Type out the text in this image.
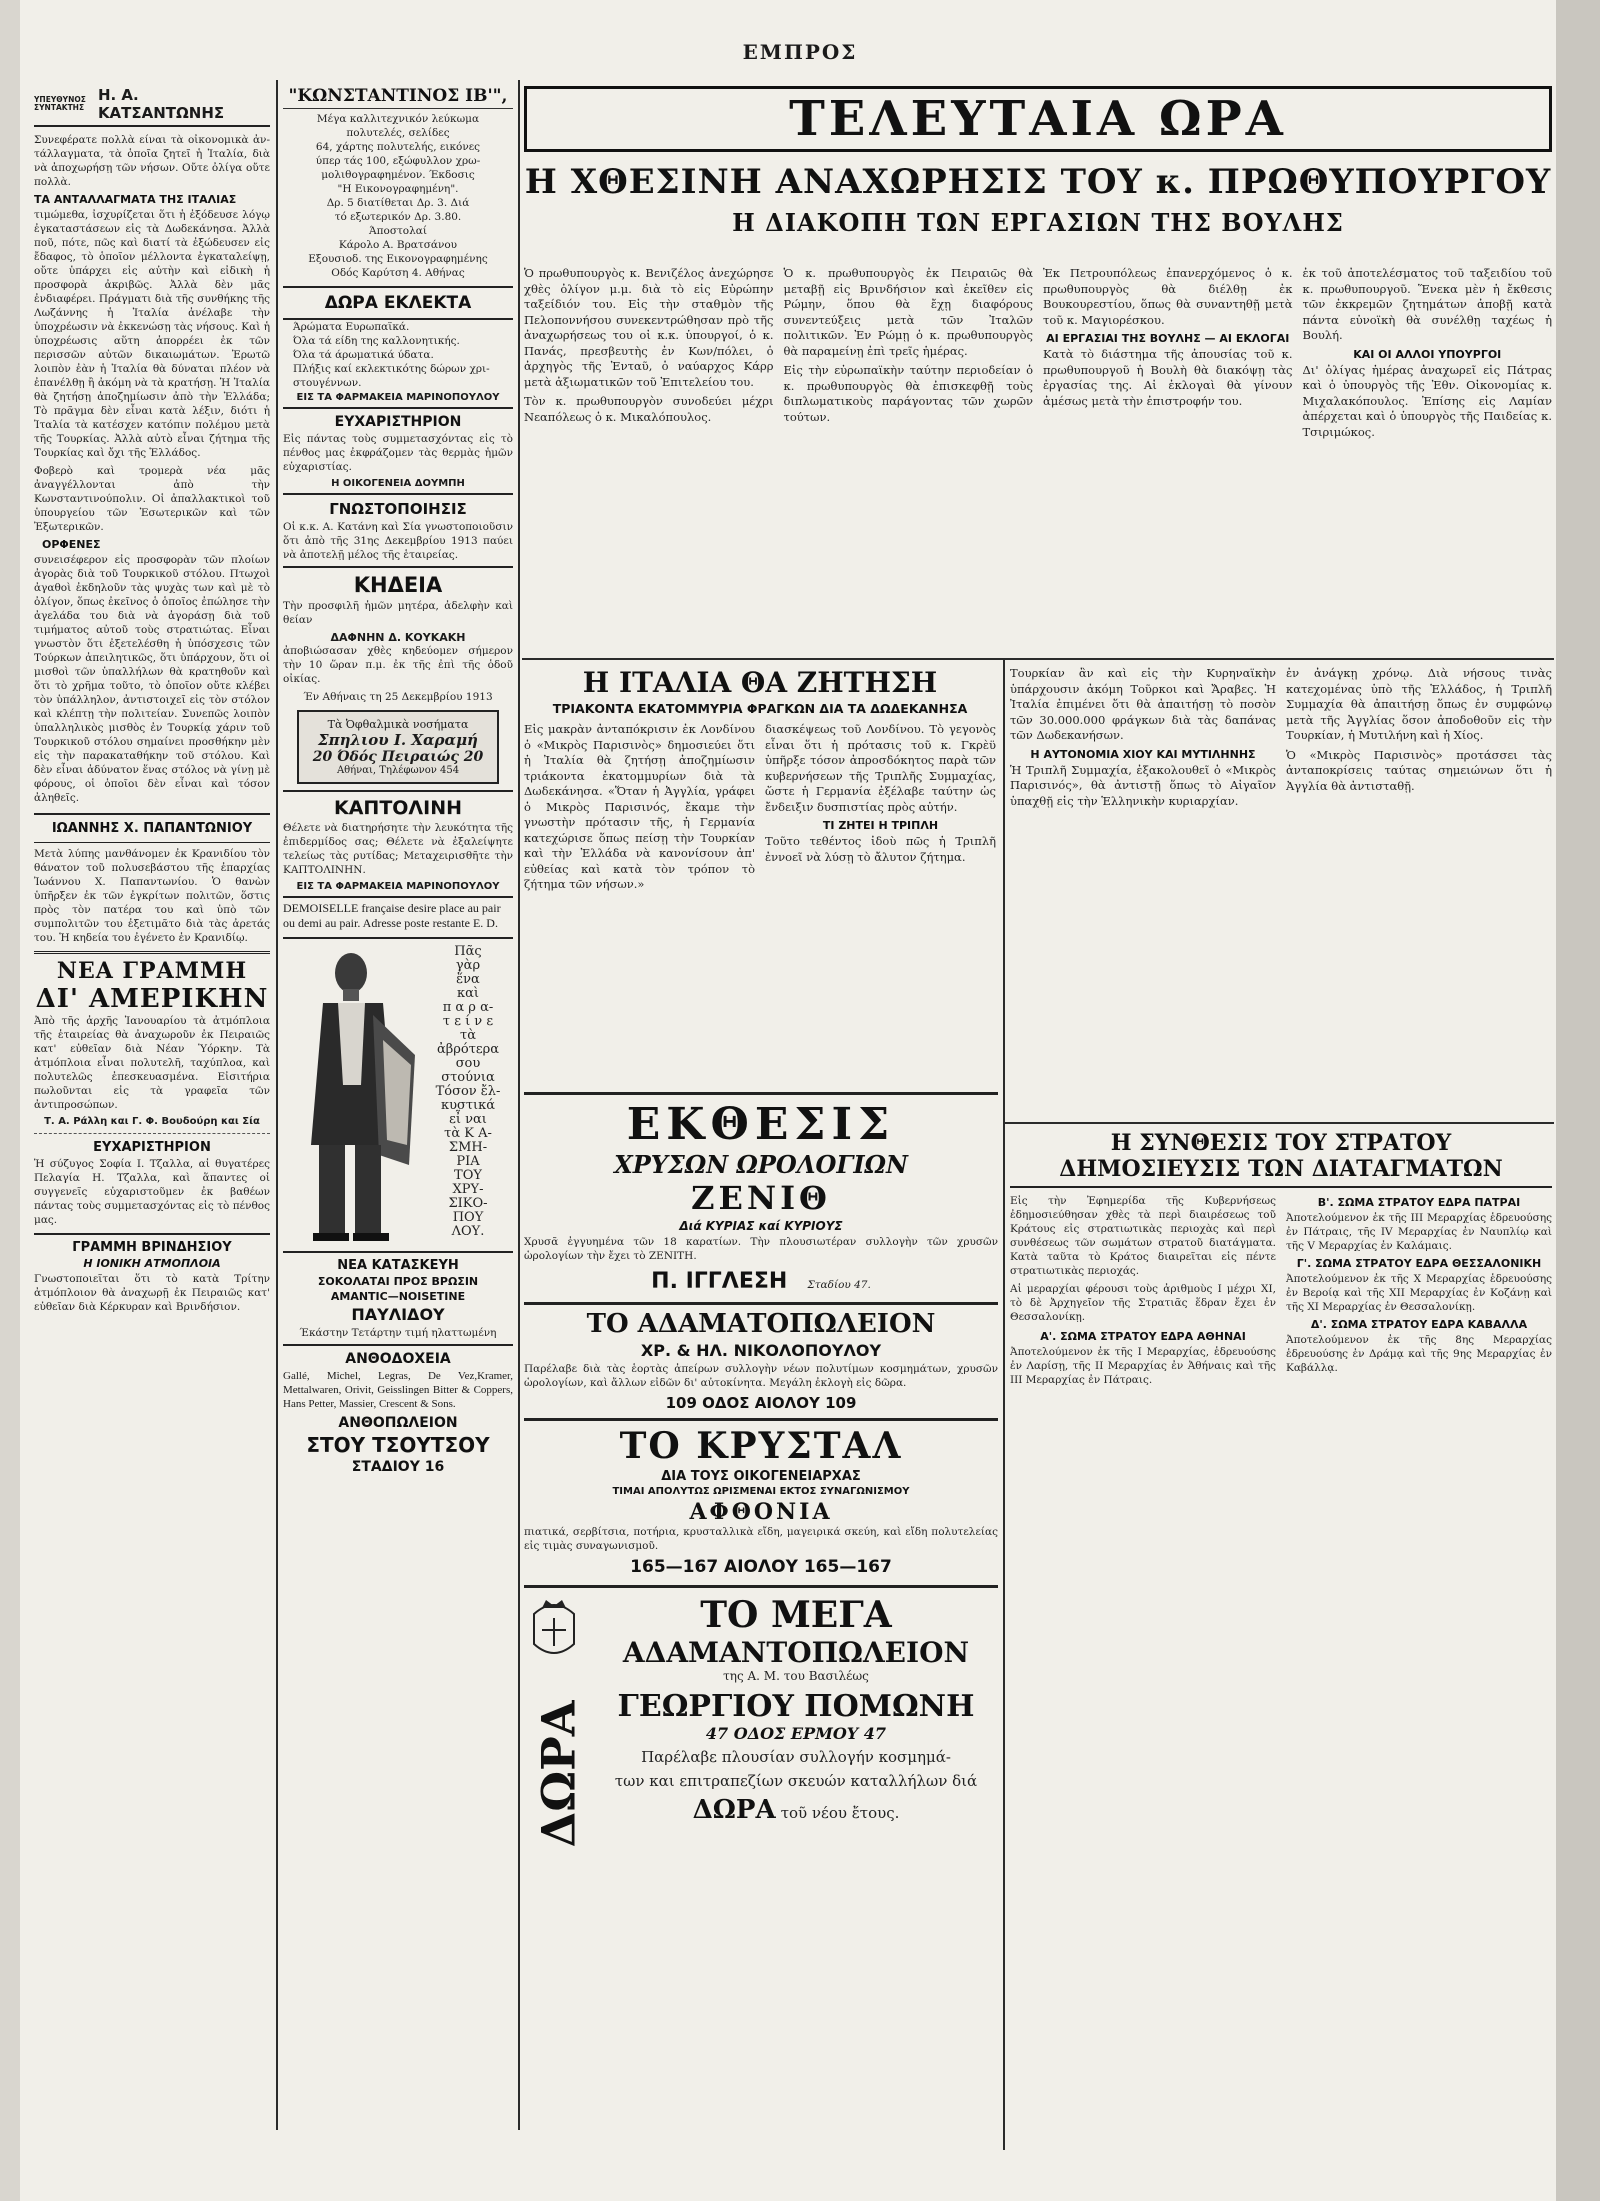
ΕΜΠΡΟΣ
ΥΠΕΥΘΥΝΟΣ ΣΥΝΤΑΚΤΗΣ
Η. Α. ΚΑΤΣΑΝΤΩΝΗΣ

Συνεφέρατε πολλὰ είναι τὰ οἰκονομικὰ ἀντάλλαγματα, τὰ ὁποῖα ζητεῖ ἡ Ἰταλία, διὰ νὰ ἀποχωρήσῃ τῶν νήσων. Οὔτε ὀλίγα οὔτε πολλὰ.

ΤΑ ΑΝΤΑΛΛΑΓΜΑΤΑ ΤΗΣ ΙΤΑΛΙΑΣ

τιμώμεθα, ἰσχυρίζεται ὅτι ἡ ἐξόδευσε λόγῳ ἐγκαταστάσεων εἰς τὰ Δωδεκάνησα. Ἀλλὰ ποῦ, πότε, πῶς καὶ διατί τὰ ἐξώδευσεν εἰς ἔδαφος, τὸ ὁποῖον μέλλοντα ἐγκαταλείψῃ, οὔτε ὑπάρχει εἰς αὐτὴν καὶ εἰδικὴ ἡ προσφορὰ ἀκριβῶς. Ἀλλὰ δὲν μᾶς ἐνδιαφέρει. Πράγματι διὰ τῆς συνθήκης τῆς Λωζάννης ἡ Ἰταλία ἀνέλαβε τὴν ὑποχρέωσιν νὰ ἐκκενώσῃ τὰς νήσους. Καὶ ἡ ὑποχρέωσις αὕτη ἀπορρέει ἐκ τῶν περισσῶν αὐτῶν δικαιωμάτων. Ἐρωτῶ λοιπὸν ἐὰν ἡ Ἰταλία θὰ δύναται πλέον νὰ ἐπανέλθῃ ἢ ἀκόμη νὰ τὰ κρατήσῃ. Ἡ Ἰταλία θὰ ζητήσῃ ἀποζημίωσιν ἀπὸ τὴν Ἑλλάδα; Τὸ πρᾶγμα δὲν εἶναι κατὰ λέξιν, διότι ἡ Ἰταλία τὰ κατέσχεν κατόπιν πολέμου μετὰ τῆς Τουρκίας. Ἀλλὰ αὐτὸ εἶναι ζήτημα τῆς Τουρκίας καὶ ὄχι τῆς Ἑλλάδος.

Φοβερὸ καὶ τρομερὰ νέα μᾶς ἀναγγέλλονται ἀπὸ τὴν Κωνσταντινούπολιν. Οἱ ἀπαλλακτικοὶ τοῦ ὑπουργείου τῶν Ἐσωτερικῶν καὶ τῶν Ἐξωτερικῶν.

ΟΡΦΕΝΕΣ

συνεισέφερον εἰς προσφορὰν τῶν πλοίων ἀγορὰς διὰ τοῦ Τουρκικοῦ στόλου. Πτωχοὶ ἀγαθοὶ ἐκδηλοῦν τὰς ψυχὰς των καὶ μὲ τὸ ὀλίγον, ὅπως ἐκεῖνος ὁ ὁποῖος ἐπώλησε τὴν ἀγελάδα του διὰ νὰ ἀγοράσῃ διὰ τοῦ τιμήματος αὐτοῦ τοὺς στρατιώτας. Εἶναι γνωστὸν ὅτι ἐξετελέσθη ἡ ὑπόσχεσις τῶν Τούρκων ἀπειλητικῶς, ὅτι ὑπάρχουν, ὅτι οἱ μισθοὶ τῶν ὑπαλλήλων θὰ κρατηθοῦν καὶ ὅτι τὸ χρῆμα τοῦτο, τὸ ὁποῖον οὔτε κλέβει τὸν ὑπάλληλον, ἀντιστοιχεῖ εἰς τὸν στόλον καὶ κλέπτῃ τὴν πολιτείαν. Συνεπῶς λοιπὸν ὑπαλληλικὸς μισθὸς ἐν Τουρκίᾳ χάριν τοῦ Τουρκικοῦ στόλου σημαίνει προσθήκην μὲν εἰς τὴν παρακαταθήκην τοῦ στόλου. Καὶ δὲν εἶναι ἀδύνατον ἕνας στόλος νὰ γίνῃ μὲ φόρους, οἱ ὁποῖοι δὲν εἶναι καὶ τόσον ἀληθεῖς.

ΙΩΑΝΝΗΣ Χ. ΠΑΠΑΝΤΩΝΙΟΥ

Μετὰ λύπης μανθάνομεν ἐκ Κρανιδίου τὸν θάνατον τοῦ πολυσεβάστου τῆς ἐπαρχίας Ἰωάννου Χ. Παπαντωνίου. Ὁ θανὼν ὑπῆρξεν ἐκ τῶν ἐγκρίτων πολιτῶν, ὅστις πρὸς τὸν πατέρα του καὶ ὑπὸ τῶν συμπολιτῶν του ἐξετιμᾶτο διὰ τὰς ἀρετάς του. Ἡ κηδεία του ἐγένετο ἐν Κρανιδίῳ.

ΝΕΑ ΓΡΑΜΜΗ
ΔΙ' ΑΜΕΡΙΚΗΝ

Ἀπὸ τῆς ἀρχῆς Ἰανουαρίου τὰ ἀτμόπλοια τῆς ἑταιρείας θὰ ἀναχωροῦν ἐκ Πειραιῶς κατ' εὐθεῖαν διὰ Νέαν Ὑόρκην. Τὰ ἀτμόπλοια εἶναι πολυτελῆ, ταχύπλοα, καὶ πολυτελῶς ἐπεσκευασμένα. Εἰσιτήρια πωλοῦνται εἰς τὰ γραφεῖα τῶν ἀντιπροσώπων.

Τ. Α. Ράλλη και Γ. Φ. Βουδούρη και Σία
ΕΥΧΑΡΙΣΤΗΡΙΟΝ

Ἡ σύζυγος Σοφία Ι. Τζαλλα, αἱ θυγατέρες Πελαγία Η. Τζαλλα, καὶ ἅπαντες οἱ συγγενεῖς εὐχαριστοῦμεν ἐκ βαθέων πάντας τοὺς συμμετασχόντας εἰς τὸ πένθος μας.

ΓΡΑΜΜΗ ΒΡΙΝΔΗΣΙΟΥ
Η ΙΟΝΙΚΗ ΑΤΜΟΠΛΟΙΑ

Γνωστοποιεῖται ὅτι τὸ κατὰ Τρίτην ἀτμόπλοιον θὰ ἀναχωρῇ ἐκ Πειραιῶς κατ' εὐθεῖαν διὰ Κέρκυραν καὶ Βρινδήσιον.

"ΚΩΝΣΤΑΝΤΙΝΟΣ ΙΒ'",
Μέγα καλλιτεχνικόν λεύκωμα
πολυτελές, σελίδες
64, χάρτης πολυτελής, εικόνες
ύπερ τάς 100, εξώφυλλον χρω-
μολιθογραφημένον. Έκδοσις
"Η Εικονογραφημένη".
Δρ. 5 διατίθεται Δρ. 3. Διά
τό εξωτερικόν Δρ. 3.80.
Άποστολαί
Κάρολο Α. Βρατσάνου
Εξουσιοδ. της Εικονογραφημένης
Οδός Καρύτση 4. Αθήνας
ΔΩΡΑ ΕΚΛΕΚΤΑ
Άρώματα Ευρωπαϊκά.
Όλα τά είδη της καλλονητικής.
Όλα τά άρωματικά ύδατα.
Πλήξις καί εκλεκτικότης δώρων χρι-
στουγέννων.
ΕΙΣ ΤΑ ΦΑΡΜΑΚΕΙΑ ΜΑΡΙΝΟΠΟΥΛΟΥ
ΕΥΧΑΡΙΣΤΗΡΙΟΝ

Εἰς πάντας τοὺς συμμετασχόντας εἰς τὸ πένθος μας ἐκφράζομεν τὰς θερμὰς ἡμῶν εὐχαριστίας.

Η ΟΙΚΟΓΕΝΕΙΑ ΔΟΥΜΠΗ
ΓΝΩΣΤΟΠΟΙΗΣΙΣ

Οἱ κ.κ. Α. Κατάνη καὶ Σία γνωστοποιοῦσιν ὅτι ἀπὸ τῆς 31ης Δεκεμβρίου 1913 παύει νὰ ἀποτελῇ μέλος τῆς ἑταιρείας.

ΚΗΔΕΙΑ

Τὴν προσφιλῆ ἡμῶν μητέρα, ἀδελφὴν καὶ θείαν

ΔΑΦΝΗΝ Δ. ΚΟΥΚΑΚΗ

ἀποβιώσασαν χθὲς κηδεύομεν σήμερον τὴν 10 ὥραν π.μ. ἐκ τῆς ἐπὶ τῆς ὁδοῦ οἰκίας.

Έν Αθήναις τη 25 Δεκεμβρίου 1913
Τὰ Ὀφθαλμικὰ νοσήματα
Σπηλιου Ι. Χαραμή
20 Όδός Πειραιώς 20
Αθήναι, Τηλέφωνον 454
ΚΑΠΤΟΛΙΝΗ

Θέλετε νὰ διατηρήσητε τὴν λευκότητα τῆς ἐπιδερμίδος σας; Θέλετε νὰ ἐξαλείψητε τελείως τὰς ρυτίδας; Μεταχειρισθῆτε τὴν ΚΑΠΤΟΛΙΝΗΝ.

ΕΙΣ ΤΑ ΦΑΡΜΑΚΕΙΑ ΜΑΡΙΝΟΠΟΥΛΟΥ
DEMOISELLE française desire place au pair ou demi au pair. Adresse poste restante E. D.
Πᾶς
γὰρ
ἕνα
καὶ
π α ρ α-
τ ε ί ν ε
τὰ
ἀβρότερα
σου
στούνια
Τόσον ἔλ-
κυστικά
εἶ ναι
τὰ Κ Α-
ΣΜΗ-
ΡΙΑ
ΤΟΥ
ΧΡΥ-
ΣΙΚΟ-
ΠΟΥ
ΛΟΥ.
ΝΕΑ ΚΑΤΑΣΚΕΥΗ
ΣΟΚΟΛΑΤΑΙ ΠΡΟΣ ΒΡΩΣΙΝ
AMANTIC—NOISETINE
ΠΑΥΛΙΔΟΥ
Έκάστην Τετάρτην τιμή ηλαττωμένη
ΑΝΘΟΔΟΧΕΙΑ
Gallé, Michel, Legras, De Vez,Kramer, Mettalwaren, Orivit, Geisslingen Bitter & Coppers, Hans Petter, Massier, Crescent & Sons.
ΑΝΘΟΠΩΛΕΙΟΝ
ΣΤΟΥ ΤΣΟΥΤΣΟΥ
ΣΤΑΔΙΟΥ 16
ΤΕΛΕΥΤΑΙΑ ΩΡΑ
Η ΧΘΕΣΙΝΗ ΑΝΑΧΩΡΗΣΙΣ ΤΟΥ κ. ΠΡΩΘΥΠΟΥΡΓΟΥ
Η ΔΙΑΚΟΠΗ ΤΩΝ ΕΡΓΑΣΙΩΝ ΤΗΣ ΒΟΥΛΗΣ

Ὁ πρωθυπουργὸς κ. Βενιζέλος ἀνεχώρησε χθὲς ὀλίγον μ.μ. διὰ τὸ εἰς Εὐρώπην ταξείδιόν του. Εἰς τὴν σταθμὸν τῆς Πελοποννήσου συνεκεντρώθησαν πρὸ τῆς ἀναχωρήσεως του οἱ κ.κ. ὑπουργοί, ὁ κ. Πανάς, πρεσβευτὴς ἐν Κων/πόλει, ὁ ἀρχηγὸς τῆς Ἐνταῦ, ὁ ναύαρχος Κάρρ μετὰ ἀξιωματικῶν τοῦ Ἐπιτελείου του.

Τὸν κ. πρωθυπουργὸν συνοδεύει μέχρι Νεαπόλεως ὁ κ. Μικαλόπουλος.

Ὁ κ. πρωθυπουργὸς ἐκ Πειραιῶς θὰ μεταβῇ εἰς Βρινδήσιον καὶ ἐκεῖθεν εἰς Ρώμην, ὅπου θὰ ἔχῃ διαφόρους συνεντεύξεις μετὰ τῶν Ἰταλῶν πολιτικῶν. Ἐν Ρώμῃ ὁ κ. πρωθυπουργὸς θὰ παραμείνῃ ἐπὶ τρεῖς ἡμέρας.

Εἰς τὴν εὐρωπαϊκὴν ταύτην περιοδείαν ὁ κ. πρωθυπουργὸς θὰ ἐπισκεφθῇ τοὺς διπλωματικοὺς παράγοντας τῶν χωρῶν τούτων.

Ἐκ Πετρουπόλεως ἐπανερχόμενος ὁ κ. πρωθυπουργὸς θὰ διέλθῃ ἐκ Βουκουρεστίου, ὅπως θὰ συναντηθῇ μετὰ τοῦ κ. Μαγιορέσκου.

ΑΙ ΕΡΓΑΣΙΑΙ ΤΗΣ ΒΟΥΛΗΣ — ΑΙ ΕΚΛΟΓΑΙ

Κατὰ τὸ διάστημα τῆς ἀπουσίας τοῦ κ. πρωθυπουργοῦ ἡ Βουλὴ θὰ διακόψῃ τὰς ἐργασίας της. Αἱ ἐκλογαὶ θὰ γίνουν ἀμέσως μετὰ τὴν ἐπιστροφήν του.

ἐκ τοῦ ἀποτελέσματος τοῦ ταξειδίου τοῦ κ. πρωθυπουργοῦ. Ἕνεκα μὲν ἡ ἔκθεσις τῶν ἐκκρεμῶν ζητημάτων ἀποβῇ κατὰ πάντα εὐνοϊκὴ θὰ συνέλθῃ ταχέως ἡ Βουλή.

ΚΑΙ ΟΙ ΑΛΛΟΙ ΥΠΟΥΡΓΟΙ

Δι' ὀλίγας ἡμέρας ἀναχωρεῖ εἰς Πάτρας καὶ ὁ ὑπουργὸς τῆς Ἐθν. Οἰκονομίας κ. Μιχαλακόπουλος. Ἐπίσης εἰς Λαμίαν ἀπέρχεται καὶ ὁ ὑπουργὸς τῆς Παιδείας κ. Τσιριμώκος.

Η ΙΤΑΛΙΑ ΘΑ ΖΗΤΗΣΗ
ΤΡΙΑΚΟΝΤΑ ΕΚΑΤΟΜΜΥΡΙΑ ΦΡΑΓΚΩΝ ΔΙΑ ΤΑ ΔΩΔΕΚΑΝΗΣΑ

Εἰς μακρὰν ἀνταπόκρισιν ἐκ Λονδίνου ὁ «Μικρὸς Παρισινὸς» δημοσιεύει ὅτι ἡ Ἰταλία θὰ ζητήσῃ ἀποζημίωσιν τριάκοντα ἑκατομμυρίων διὰ τὰ Δωδεκάνησα. «Ὅταν ἡ Ἀγγλία, γράφει ὁ Μικρὸς Παρισινός, ἔκαμε τὴν γνωστὴν πρότασιν τῆς, ἡ Γερμανία κατεχώρισε ὅπως πείσῃ τὴν Τουρκίαν καὶ τὴν Ἑλλάδα νὰ κανονίσουν ἀπ' εὐθείας καὶ κατὰ τὸν τρόπον τὸ ζήτημα τῶν νήσων.»

διασκέψεως τοῦ Λονδίνου. Τὸ γεγονὸς εἶναι ὅτι ἡ πρότασις τοῦ κ. Γκρὲϋ ὑπῆρξε τόσον ἀπροσδόκητος παρὰ τῶν κυβερνήσεων τῆς Τριπλῆς Συμμαχίας, ὥστε ἡ Γερμανία ἐξέλαβε ταύτην ὡς ἔνδειξιν δυσπιστίας πρὸς αὐτήν.

ΤΙ ΖΗΤΕΙ Η ΤΡΙΠΛΗ

Τοῦτο τεθέντος ἰδοὺ πῶς ἡ Τριπλῆ ἐννοεῖ νὰ λύσῃ τὸ ἄλυτον ζήτημα.

Τουρκίαν ἂν καὶ εἰς τὴν Κυρηναϊκὴν ὑπάρχουσιν ἀκόμη Τοῦρκοι καὶ Ἄραβες. Ἡ Ἰταλία ἐπιμένει ὅτι θὰ ἀπαιτήσῃ τὸ ποσὸν τῶν 30.000.000 φράγκων διὰ τὰς δαπάνας τῶν Δωδεκανήσων.

Η ΑΥΤΟΝΟΜΙΑ ΧΙΟΥ ΚΑΙ ΜΥΤΙΛΗΝΗΣ

Ἡ Τριπλῆ Συμμαχία, ἐξακολουθεῖ ὁ «Μικρὸς Παρισινός», θὰ ἀντιστῇ ὅπως τὸ Αἰγαῖον ὑπαχθῇ εἰς τὴν Ἑλληνικὴν κυριαρχίαν.

ἐν ἀνάγκῃ χρόνῳ. Διὰ νήσους τινὰς κατεχομένας ὑπὸ τῆς Ἑλλάδος, ἡ Τριπλῆ Συμμαχία θὰ ἀπαιτήσῃ ὅπως ἐν συμφώνῳ μετὰ τῆς Ἀγγλίας ὅσον ἀποδοθοῦν εἰς τὴν Τουρκίαν, ἡ Μυτιλήνη καὶ ἡ Χίος.

Ὁ «Μικρὸς Παρισινὸς» προτάσσει τὰς ἀνταποκρίσεις ταύτας σημειώνων ὅτι ἡ Ἀγγλία θὰ ἀντισταθῇ.

Η ΣΥΝΘΕΣΙΣ ΤΟΥ ΣΤΡΑΤΟΥ
ΔΗΜΟΣΙΕΥΣΙΣ ΤΩΝ ΔΙΑΤΑΓΜΑΤΩΝ

Εἰς τὴν Ἐφημερίδα τῆς Κυβερνήσεως ἐδημοσιεύθησαν χθὲς τὰ περὶ διαιρέσεως τοῦ Κράτους εἰς στρατιωτικὰς περιοχὰς καὶ περὶ συνθέσεως τῶν σωμάτων στρατοῦ διατάγματα. Κατὰ ταῦτα τὸ Κράτος διαιρεῖται εἰς πέντε στρατιωτικὰς περιοχάς.

Αἱ μεραρχίαι φέρουσι τοὺς ἀριθμοὺς Ι μέχρι ΧΙ, τὸ δὲ Ἀρχηγεῖον τῆς Στρατιᾶς ἕδραν ἔχει ἐν Θεσσαλονίκῃ.

Α'. ΣΩΜΑ ΣΤΡΑΤΟΥ ΕΔΡΑ ΑΘΗΝΑΙ

Ἀποτελούμενον ἐκ τῆς Ι Μεραρχίας, ἑδρευούσης ἐν Λαρίσῃ, τῆς ΙΙ Μεραρχίας ἐν Ἀθήναις καὶ τῆς ΙΙΙ Μεραρχίας ἐν Πάτραις.

Β'. ΣΩΜΑ ΣΤΡΑΤΟΥ ΕΔΡΑ ΠΑΤΡΑΙ

Ἀποτελούμενον ἐκ τῆς ΙΙΙ Μεραρχίας ἑδρευούσης ἐν Πάτραις, τῆς IV Μεραρχίας ἐν Ναυπλίῳ καὶ τῆς V Μεραρχίας ἐν Καλάμαις.

Γ'. ΣΩΜΑ ΣΤΡΑΤΟΥ ΕΔΡΑ ΘΕΣΣΑΛΟΝΙΚΗ

Ἀποτελούμενον ἐκ τῆς Χ Μεραρχίας ἑδρευούσης ἐν Βεροίᾳ καὶ τῆς ΧΙΙ Μεραρχίας ἐν Κοζάνῃ καὶ τῆς ΧΙ Μεραρχίας ἐν Θεσσαλονίκῃ.

Δ'. ΣΩΜΑ ΣΤΡΑΤΟΥ ΕΔΡΑ ΚΑΒΑΛΛΑ

Ἀποτελούμενον ἐκ τῆς 8ης Μεραρχίας ἑδρευούσης ἐν Δράμᾳ καὶ τῆς 9ης Μεραρχίας ἐν Καβάλλᾳ.

ΕΚΘΕΣΙΣ
ΧΡΥΣΩΝ ΩΡΟΛΟΓΙΩΝ
ΖΕΝΙΘ
Διά ΚΥΡΙΑΣ καί ΚΥΡΙΟΥΣ

Χρυσᾶ ἐγγυημένα τῶν 18 καρατίων. Τὴν πλουσιωτέραν συλλογὴν τῶν χρυσῶν ὡρολογίων τὴν ἔχει τὸ ZENITH.

Π. ΙΓΓΛΕΣΗ Σταδίου 47.
ΤΟ ΑΔΑΜΑΤΟΠΩΛΕΙΟΝ
ΧΡ. & ΗΛ. ΝΙΚΟΛΟΠΟΥΛΟΥ

Παρέλαβε διὰ τὰς ἑορτὰς ἀπείρων συλλογὴν νέων πολυτίμων κοσμημάτων, χρυσῶν ὡρολογίων, καὶ ἄλλων εἰδῶν δι' αὐτοκίνητα. Μεγάλη ἐκλογὴ εἰς δῶρα.

109 ΟΔΟΣ ΑΙΟΛΟΥ 109
ΤΟ ΚΡΥΣΤΑΛ
ΔΙΑ ΤΟΥΣ ΟΙΚΟΓΕΝΕΙΑΡΧΑΣ
ΤΙΜΑΙ ΑΠΟΛΥΤΩΣ ΩΡΙΣΜΕΝΑΙ ΕΚΤΟΣ ΣΥΝΑΓΩΝΙΣΜΟΥ
ΑΦΘΟΝΙΑ

πιατικά, σερβίτσια, ποτήρια, κρυσταλλικὰ εἴδη, μαγειρικά σκεύη, καὶ εἴδη πολυτελείας εἰς τιμὰς συναγωνισμοῦ.

165—167 ΑΙΟΛΟΥ 165—167
ΔΩΡΑ
ΤΟ ΜΕΓΑ
ΑΔΑΜΑΝΤΟΠΩΛΕΙΟΝ
της Α. Μ. του Βασιλέως
ΓΕΩΡΓΙΟΥ ΠΟΜΩΝΗ
47 ΟΔΟΣ ΕΡΜΟΥ 47
Παρέλαβε πλουσίαν συλλογήν κοσμημά-
των και επιτραπεζίων σκευών καταλλήλων διά
ΔΩΡΑ τοῦ νέου ἔτους.
